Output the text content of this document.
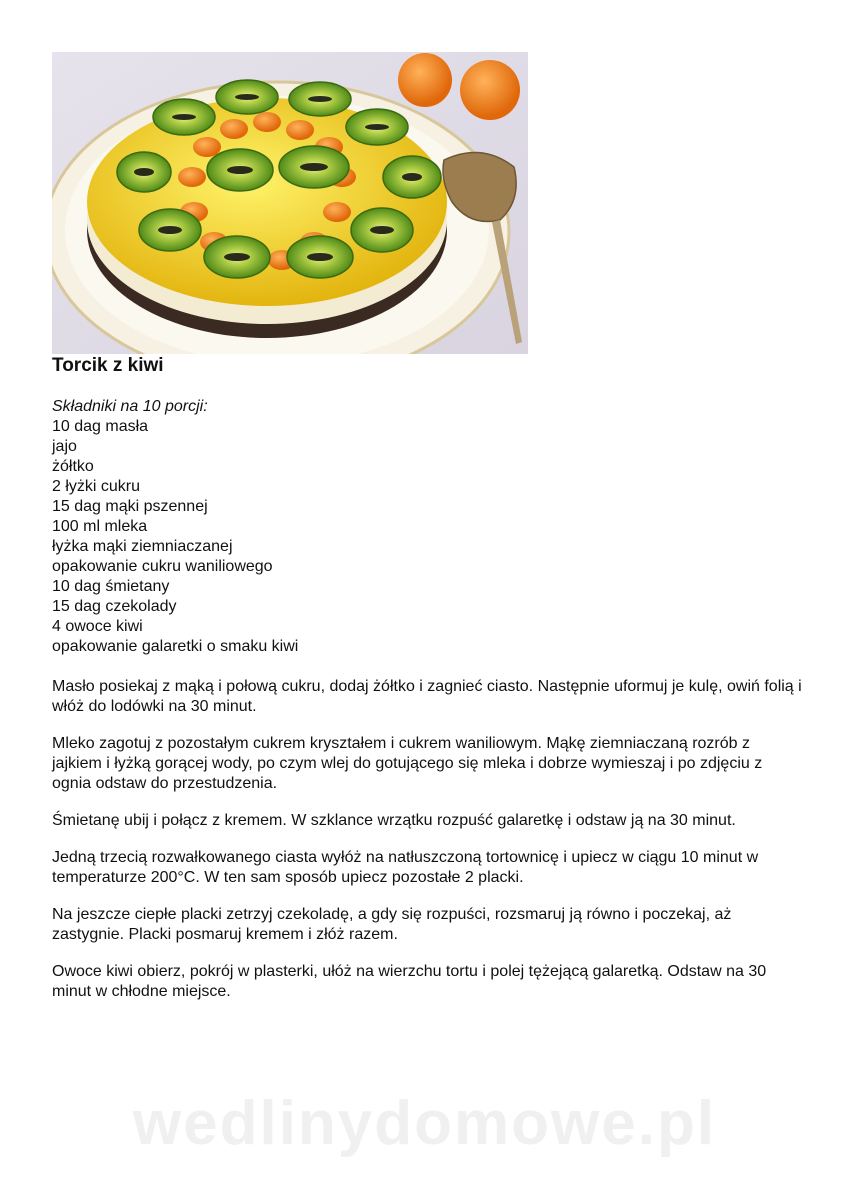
Torcik z kiwi
Składniki na 10 porcji:
10 dag masła
jajo
żółtko
2 łyżki cukru
15 dag mąki pszennej
100 ml mleka
łyżka mąki ziemniaczanej
opakowanie cukru waniliowego
10 dag śmietany
15 dag czekolady
4 owoce kiwi
opakowanie galaretki o smaku kiwi

Masło posiekaj z mąką i połową cukru, dodaj żółtko i zagnieć ciasto. Następnie uformuj je kulę, owiń folią i włóż do lodówki na 30 minut.

Mleko zagotuj z pozostałym cukrem kryształem i cukrem waniliowym. Mąkę ziemniaczaną rozrób z jajkiem i łyżką gorącej wody, po czym wlej do gotującego się mleka i dobrze wymieszaj i po zdjęciu z ognia odstaw do przestudzenia.

Śmietanę ubij i połącz z kremem. W szklance wrzątku rozpuść galaretkę i odstaw ją na 30 minut.

Jedną trzecią rozwałkowanego ciasta wyłóż na natłuszczoną tortownicę i upiecz w ciągu 10 minut w temperaturze 200°C. W ten sam sposób upiecz pozostałe 2 placki.

Na jeszcze ciepłe placki zetrzyj czekoladę, a gdy się rozpuści, rozsmaruj ją równo i poczekaj, aż zastygnie. Placki posmaruj kremem i złóż razem.

Owoce kiwi obierz, pokrój w plasterki, ułóż na wierzchu tortu i polej tężejącą galaretką. Odstaw na 30 minut w chłodne miejsce.

wedlinydomowe.pl
